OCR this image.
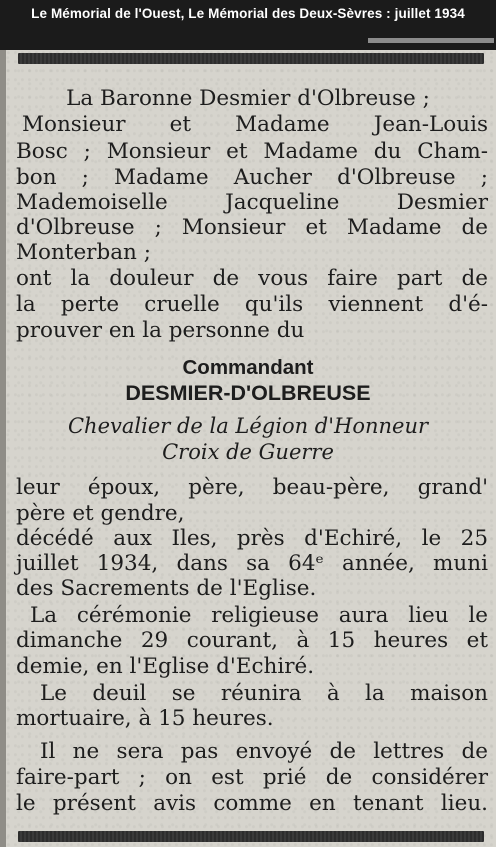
Le Mémorial de l'Ouest, Le Mémorial des Deux-Sèvres : juillet 1934

La Baronne Desmier d'Olbreuse ;

Monsieur et Madame Jean-Louis

Bosc ; Monsieur et Madame du Cham-

bon ; Madame Aucher d'Olbreuse ;

Mademoiselle Jacqueline Desmier

d'Olbreuse ; Monsieur et Madame de

Monterban ;

ont la douleur de vous faire part de

la perte cruelle qu'ils viennent d'é-

prouver en la personne du

Commandant

DESMIER-D'OLBREUSE

Chevalier de la Légion d'Honneur

Croix de Guerre

leur époux, père, beau-père, grand'

père et gendre,

décédé aux Iles, près d'Echiré, le 25

juillet 1934, dans sa 64ᵉ année, muni

des Sacrements de l'Eglise.

La cérémonie religieuse aura lieu le

dimanche 29 courant, à 15 heures et

demie, en l'Eglise d'Echiré.

Le deuil se réunira à la maison

mortuaire, à 15 heures.

Il ne sera pas envoyé de lettres de

faire-part ; on est prié de considérer

le présent avis comme en tenant lieu.
